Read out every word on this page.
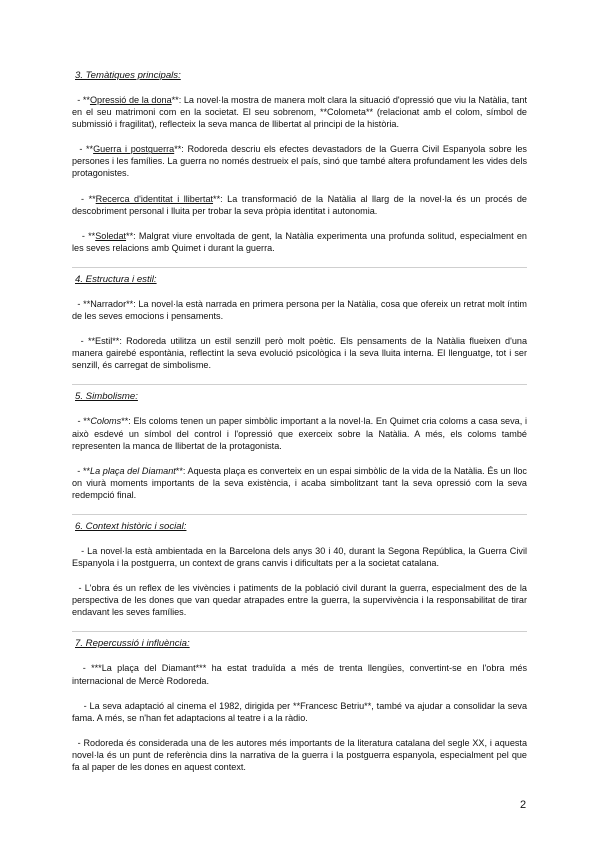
3. Temàtiques principals:

- **Opressió de la dona**: La novel·la mostra de manera molt clara la situació d'opressió que viu la Natàlia, tant en el seu matrimoni com en la societat. El seu sobrenom, **Colometa** (relacionat amb el colom, símbol de submissió i fragilitat), reflecteix la seva manca de llibertat al principi de la història.

- **Guerra i postguerra**: Rodoreda descriu els efectes devastadors de la Guerra Civil Espanyola sobre les persones i les famílies. La guerra no només destrueix el país, sinó que també altera profundament les vides dels protagonistes.

- **Recerca d'identitat i llibertat**: La transformació de la Natàlia al llarg de la novel·la és un procés de descobriment personal i lluita per trobar la seva pròpia identitat i autonomia.

- **Soledat**: Malgrat viure envoltada de gent, la Natàlia experimenta una profunda solitud, especialment en les seves relacions amb Quimet i durant la guerra.

4. Estructura i estil:

- **Narrador**: La novel·la està narrada en primera persona per la Natàlia, cosa que ofereix un retrat molt íntim de les seves emocions i pensaments.

- **Estil**: Rodoreda utilitza un estil senzill però molt poètic. Els pensaments de la Natàlia flueixen d'una manera gairebé espontània, reflectint la seva evolució psicològica i la seva lluita interna. El llenguatge, tot i ser senzill, és carregat de simbolisme.

5. Simbolisme:

- **Coloms**: Els coloms tenen un paper simbòlic important a la novel·la. En Quimet cria coloms a casa seva, i això esdevé un símbol del control i l'opressió que exerceix sobre la Natàlia. A més, els coloms també representen la manca de llibertat de la protagonista.

- **La plaça del Diamant**: Aquesta plaça es converteix en un espai simbòlic de la vida de la Natàlia. És un lloc on viurà moments importants de la seva existència, i acaba simbolitzant tant la seva opressió com la seva redempció final.

6. Context històric i social:

- La novel·la està ambientada en la Barcelona dels anys 30 i 40, durant la Segona República, la Guerra Civil Espanyola i la postguerra, un context de grans canvis i dificultats per a la societat catalana.

- L'obra és un reflex de les vivències i patiments de la població civil durant la guerra, especialment des de la perspectiva de les dones que van quedar atrapades entre la guerra, la supervivència i la responsabilitat de tirar endavant les seves famílies.

7. Repercussió i influència:

- ***La plaça del Diamant*** ha estat traduïda a més de trenta llengües, convertint-se en l'obra més internacional de Mercè Rodoreda.

- La seva adaptació al cinema el 1982, dirigida per **Francesc Betriu**, també va ajudar a consolidar la seva fama. A més, se n'han fet adaptacions al teatre i a la ràdio.

- Rodoreda és considerada una de les autores més importants de la literatura catalana del segle XX, i aquesta novel·la és un punt de referència dins la narrativa de la guerra i la postguerra espanyola, especialment pel que fa al paper de les dones en aquest context.

2
